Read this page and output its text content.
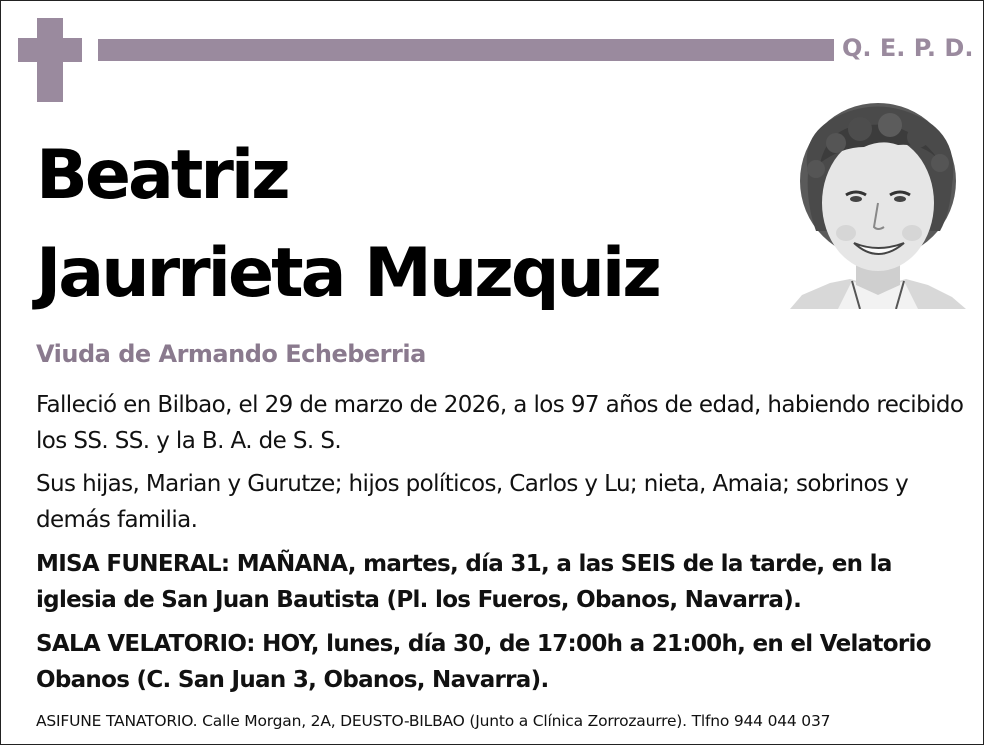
Q. E. P. D.
Beatriz
Jaurrieta Muzquiz
Viuda de Armando Echeberria
Falleció en Bilbao, el 29 de marzo de 2026, a los 97 años de edad, habiendo recibido los SS. SS. y la B. A. de S. S.
Sus hijas, Marian y Gurutze; hijos políticos, Carlos y Lu; nieta, Amaia; sobrinos y demás familia.
MISA FUNERAL: MAÑANA, martes, día 31, a las SEIS de la tarde, en la iglesia de San Juan Bautista (Pl. los Fueros, Obanos, Navarra).
SALA VELATORIO: HOY, lunes, día 30, de 17:00h a 21:00h, en el Velatorio Obanos (C. San Juan 3, Obanos, Navarra).
ASIFUNE TANATORIO. Calle Morgan, 2A, DEUSTO-BILBAO (Junto a Clínica Zorrozaurre). Tlfno 944 044 037
